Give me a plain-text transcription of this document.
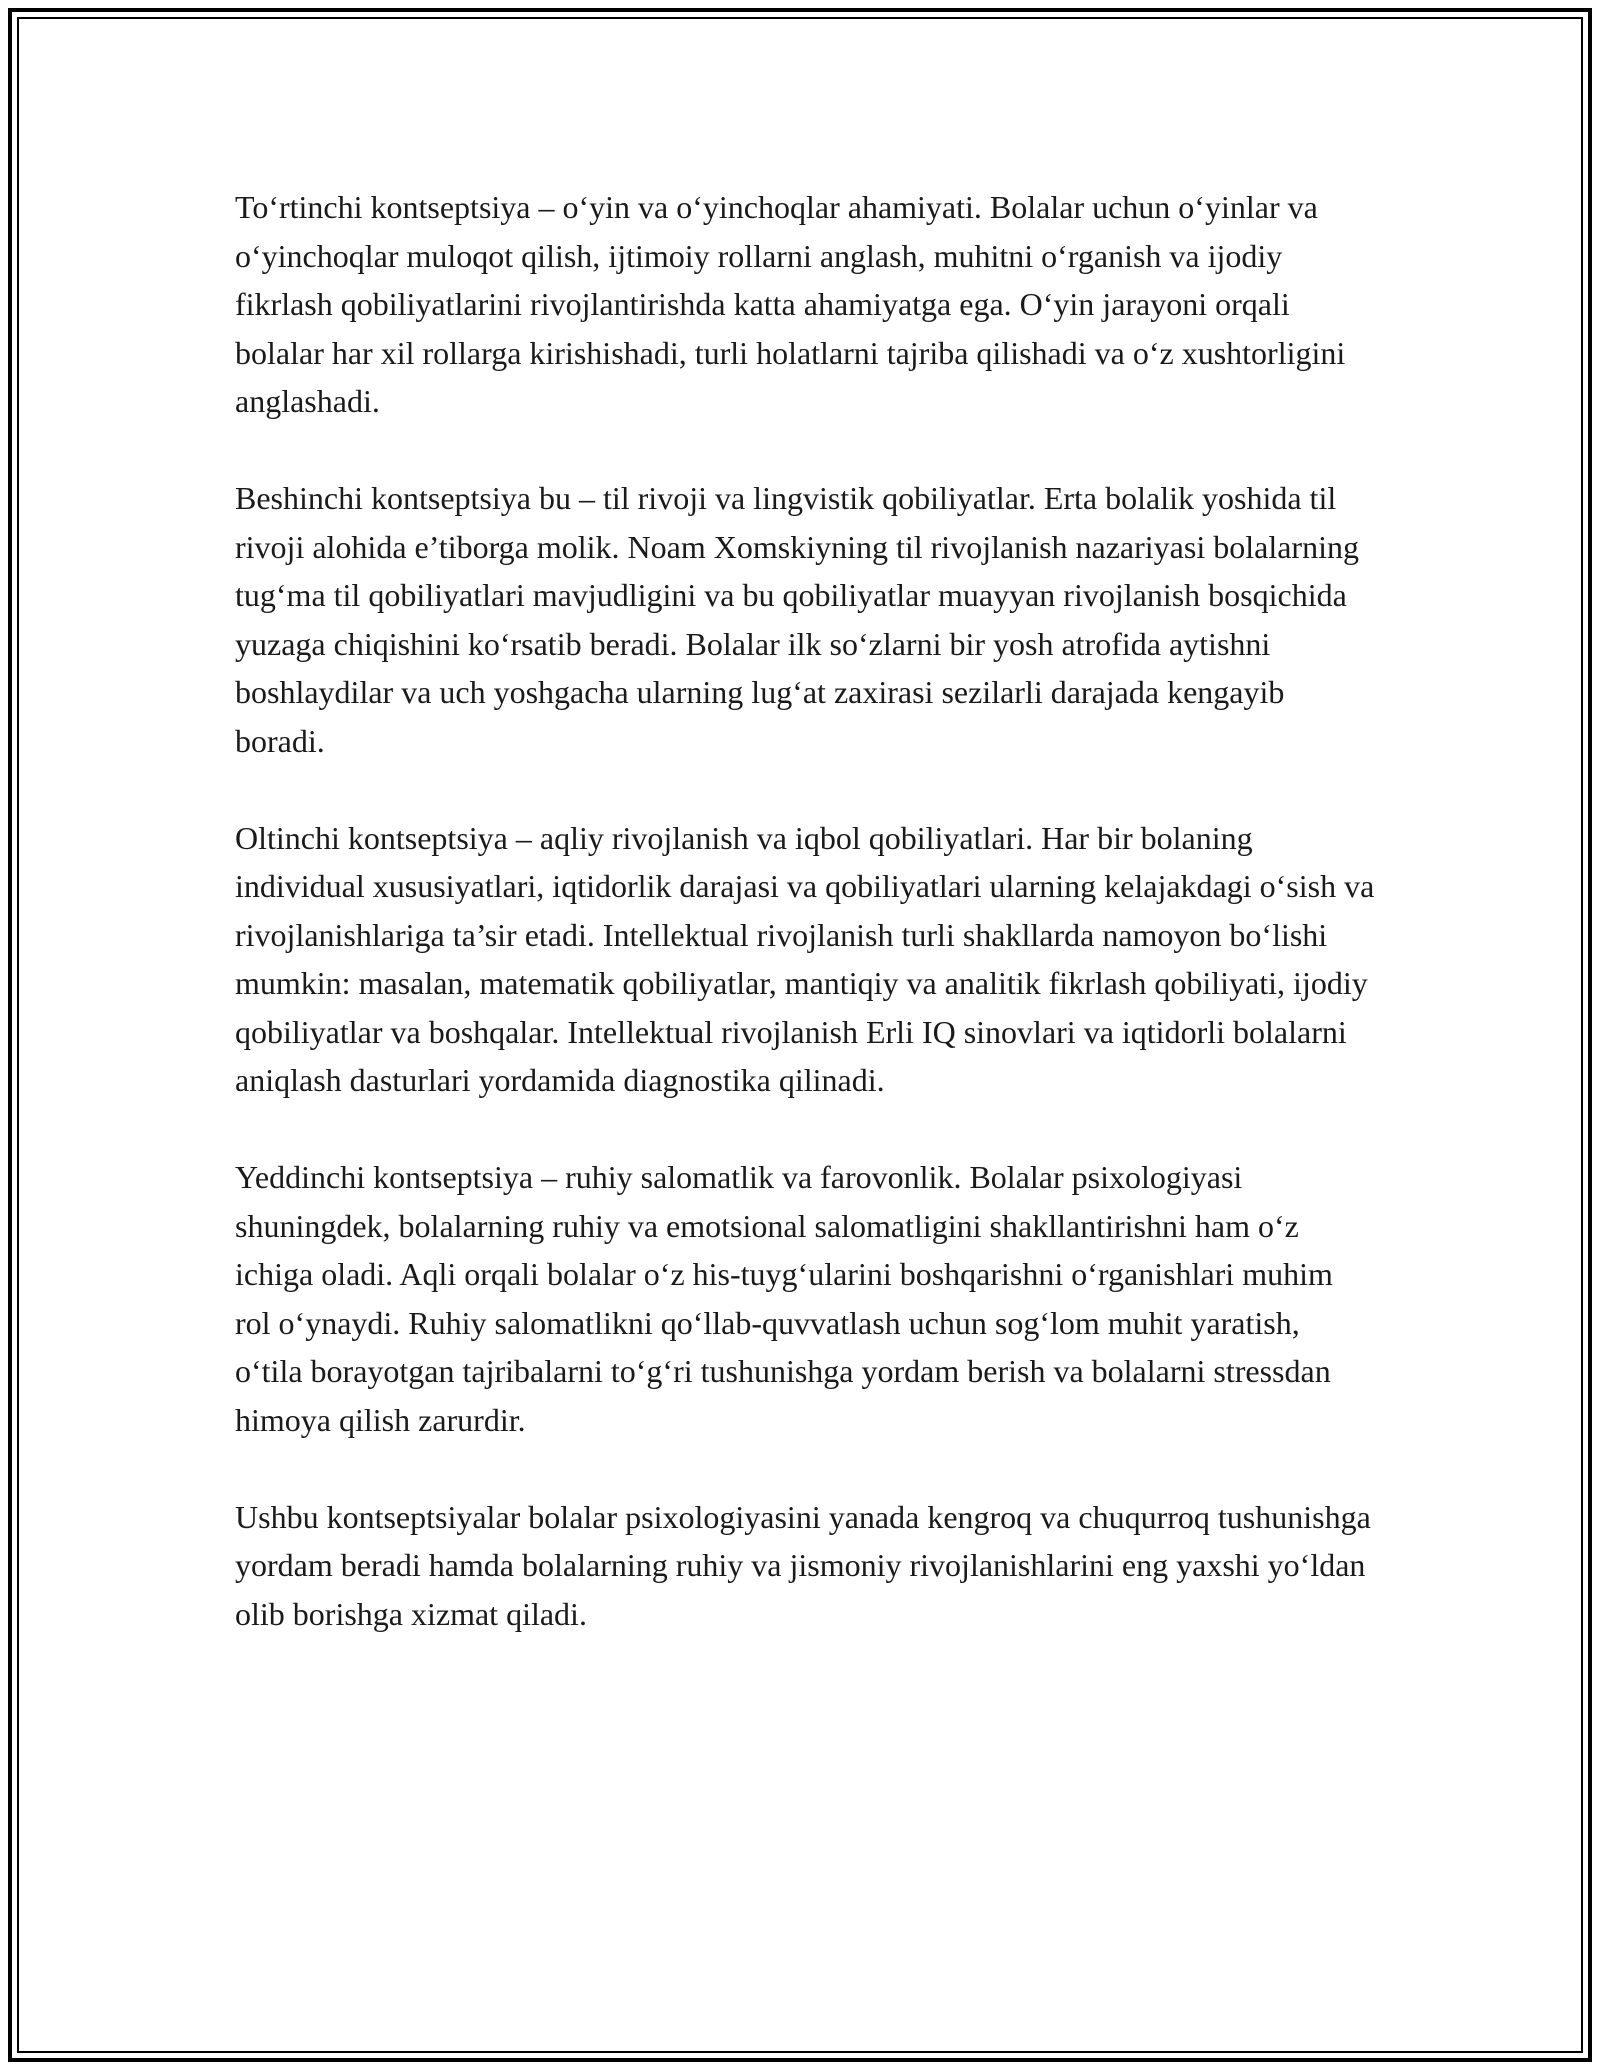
To‘rtinchi kontseptsiya – o‘yin va o‘yinchoqlar ahamiyati. Bolalar uchun o‘yinlar va o‘yinchoqlar muloqot qilish, ijtimoiy rollarni anglash, muhitni o‘rganish va ijodiy fikrlash qobiliyatlarini rivojlantirishda katta ahamiyatga ega. O‘yin jarayoni orqali bolalar har xil rollarga kirishishadi, turli holatlarni tajriba qilishadi va o‘z xushtorligini anglashadi.

Beshinchi kontseptsiya bu – til rivoji va lingvistik qobiliyatlar. Erta bolalik yoshida til rivoji alohida e’tiborga molik. Noam Xomskiyning til rivojlanish nazariyasi bolalarning tug‘ma til qobiliyatlari mavjudligini va bu qobiliyatlar muayyan rivojlanish bosqichida yuzaga chiqishini ko‘rsatib beradi. Bolalar ilk so‘zlarni bir yosh atrofida aytishni boshlaydilar va uch yoshgacha ularning lug‘at zaxirasi sezilarli darajada kengayib boradi.

Oltinchi kontseptsiya – aqliy rivojlanish va iqbol qobiliyatlari. Har bir bolaning individual xususiyatlari, iqtidorlik darajasi va qobiliyatlari ularning kelajakdagi o‘sish va rivojlanishlariga ta’sir etadi. Intellektual rivojlanish turli shakllarda namoyon bo‘lishi mumkin: masalan, matematik qobiliyatlar, mantiqiy va analitik fikrlash qobiliyati, ijodiy qobiliyatlar va boshqalar. Intellektual rivojlanish Erli IQ sinovlari va iqtidorli bolalarni aniqlash dasturlari yordamida diagnostika qilinadi.

Yeddinchi kontseptsiya – ruhiy salomatlik va farovonlik. Bolalar psixologiyasi shuningdek, bolalarning ruhiy va emotsional salomatligini shakllantirishni ham o‘z ichiga oladi. Aqli orqali bolalar o‘z his-tuyg‘ularini boshqarishni o‘rganishlari muhim rol o‘ynaydi. Ruhiy salomatlikni qo‘llab-quvvatlash uchun sog‘lom muhit yaratish, o‘tila borayotgan tajribalarni to‘g‘ri tushunishga yordam berish va bolalarni stressdan himoya qilish zarurdir.

Ushbu kontseptsiyalar bolalar psixologiyasini yanada kengroq va chuqurroq tushunishga yordam beradi hamda bolalarning ruhiy va jismoniy rivojlanishlarini eng yaxshi yo‘ldan olib borishga xizmat qiladi.
